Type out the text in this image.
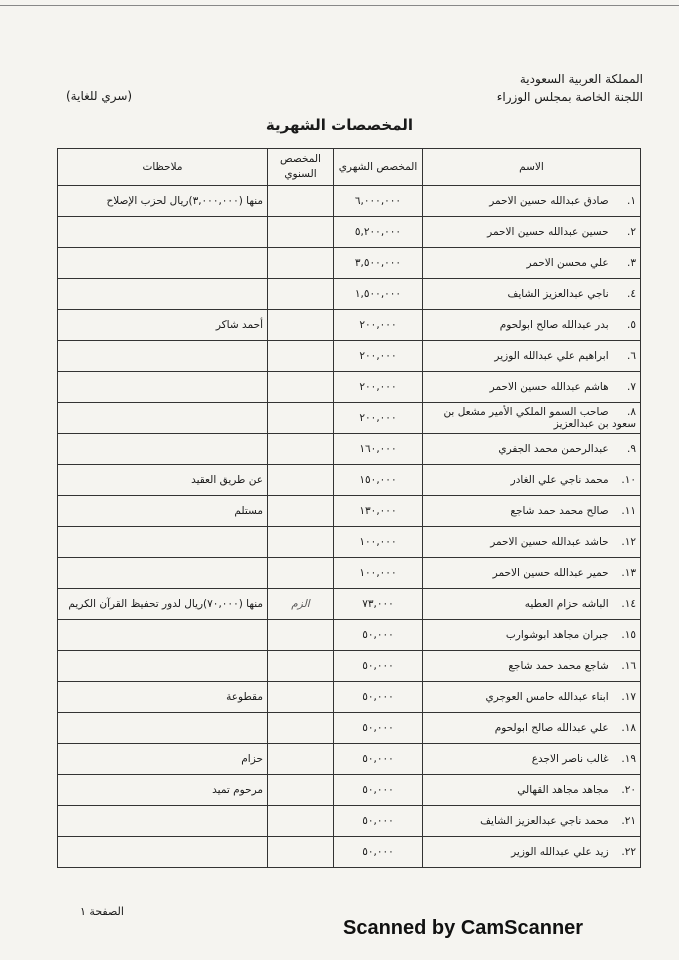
المملكة العربية السعودية
اللجنة الخاصة بمجلس الوزراء
(سري للغاية)
المخصصات الشهرية
الاسم	المخصص الشهري	المخصص السنوي	ملاحظات
١. صادق عبدالله حسين الاحمر	٦,٠٠٠,٠٠٠		منها (٣,٠٠٠,٠٠٠)ريال لحزب الإصلاح
٢. حسين عبدالله حسين الاحمر	٥,٢٠٠,٠٠٠		
٣. علي محسن الاحمر	٣,٥٠٠,٠٠٠		
٤. ناجي عبدالعزيز الشايف	١,٥٠٠,٠٠٠		
٥. بدر عبدالله صالح ابولحوم	٢٠٠,٠٠٠		أحمد شاكر
٦. ابراهيم علي عبدالله الوزير	٢٠٠,٠٠٠		
٧. هاشم عبدالله حسين الاحمر	٢٠٠,٠٠٠		
٨. صاحب السمو الملكي الأمير مشعل بن سعود بن عبدالعزيز	٢٠٠,٠٠٠		
٩. عبدالرحمن محمد الجفري	١٦٠,٠٠٠		
١٠. محمد ناجي علي الغادر	١٥٠,٠٠٠		عن طريق العقيد
١١. صالح محمد حمد شاجع	١٣٠,٠٠٠		مستلم
١٢. حاشد عبدالله حسين الاحمر	١٠٠,٠٠٠		
١٣. حمير عبدالله حسين الاحمر	١٠٠,٠٠٠		
١٤. الباشه حزام العطيه	٧٣,٠٠٠	الزم	منها (٧٠,٠٠٠)ريال لدور تحفيظ القرآن الكريم
١٥. جبران مجاهد ابوشوارب	٥٠,٠٠٠		
١٦. شاجع محمد حمد شاجع	٥٠,٠٠٠		
١٧. ابناء عبدالله حامس العوجري	٥٠,٠٠٠		مقطوعة
١٨. علي عبدالله صالح ابولحوم	٥٠,٠٠٠		
١٩. غالب ناصر الاجدع	٥٠,٠٠٠		حزام
٢٠. مجاهد مجاهد القهالي	٥٠,٠٠٠		مرحوم تميد
٢١. محمد ناجي عبدالعزيز الشايف	٥٠,٠٠٠		
٢٢. زيد علي عبدالله الوزير	٥٠,٠٠٠		
الصفحة ١
Scanned by CamScanner
